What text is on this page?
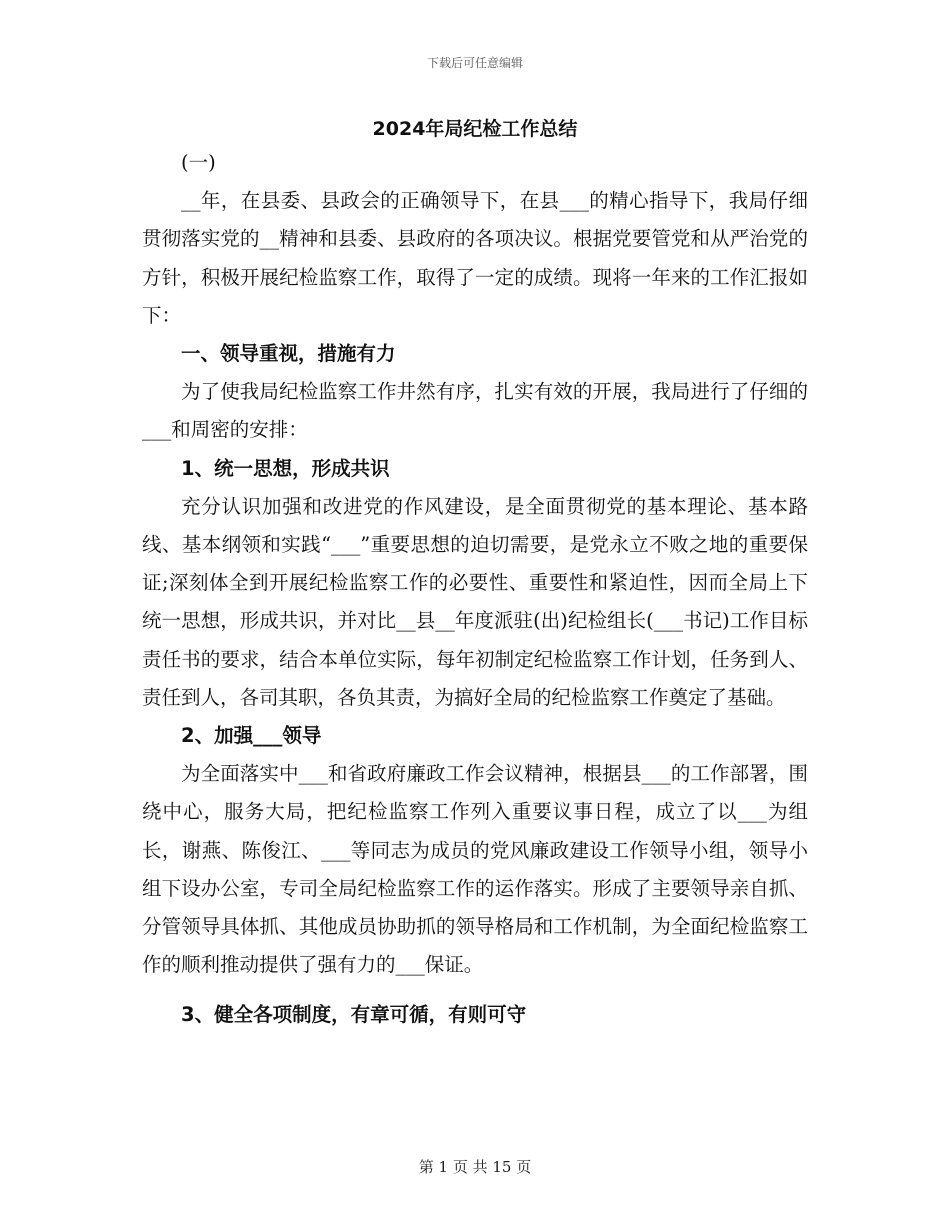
下载后可任意编辑
2024年局纪检工作总结

(一)

__年，在县委、县政会的正确领导下，在县___的精心指导下，我局仔细贯彻落实党的__精神和县委、县政府的各项决议。根据党要管党和从严治党的方针，积极开展纪检监察工作，取得了一定的成绩。现将一年来的工作汇报如下：

一、领导重视，措施有力

为了使我局纪检监察工作井然有序，扎实有效的开展，我局进行了仔细的___和周密的安排：

1、统一思想，形成共识

充分认识加强和改进党的作风建设，是全面贯彻党的基本理论、基本路线、基本纲领和实践“___”重要思想的迫切需要，是党永立不败之地的重要保证;深刻体全到开展纪检监察工作的必要性、重要性和紧迫性，因而全局上下统一思想，形成共识，并对比__县__年度派驻(出)纪检组长(___书记)工作目标责任书的要求，结合本单位实际，每年初制定纪检监察工作计划，任务到人、责任到人，各司其职，各负其责，为搞好全局的纪检监察工作奠定了基础。

2、加强___领导

为全面落实中___和省政府廉政工作会议精神，根据县___的工作部署，围绕中心，服务大局，把纪检监察工作列入重要议事日程，成立了以___为组长，谢燕、陈俊江、___等同志为成员的党风廉政建设工作领导小组，领导小组下设办公室，专司全局纪检监察工作的运作落实。形成了主要领导亲自抓、分管领导具体抓、其他成员协助抓的领导格局和工作机制，为全面纪检监察工作的顺利推动提供了强有力的___保证。

3、健全各项制度，有章可循，有则可守
第 1 页 共 15 页
